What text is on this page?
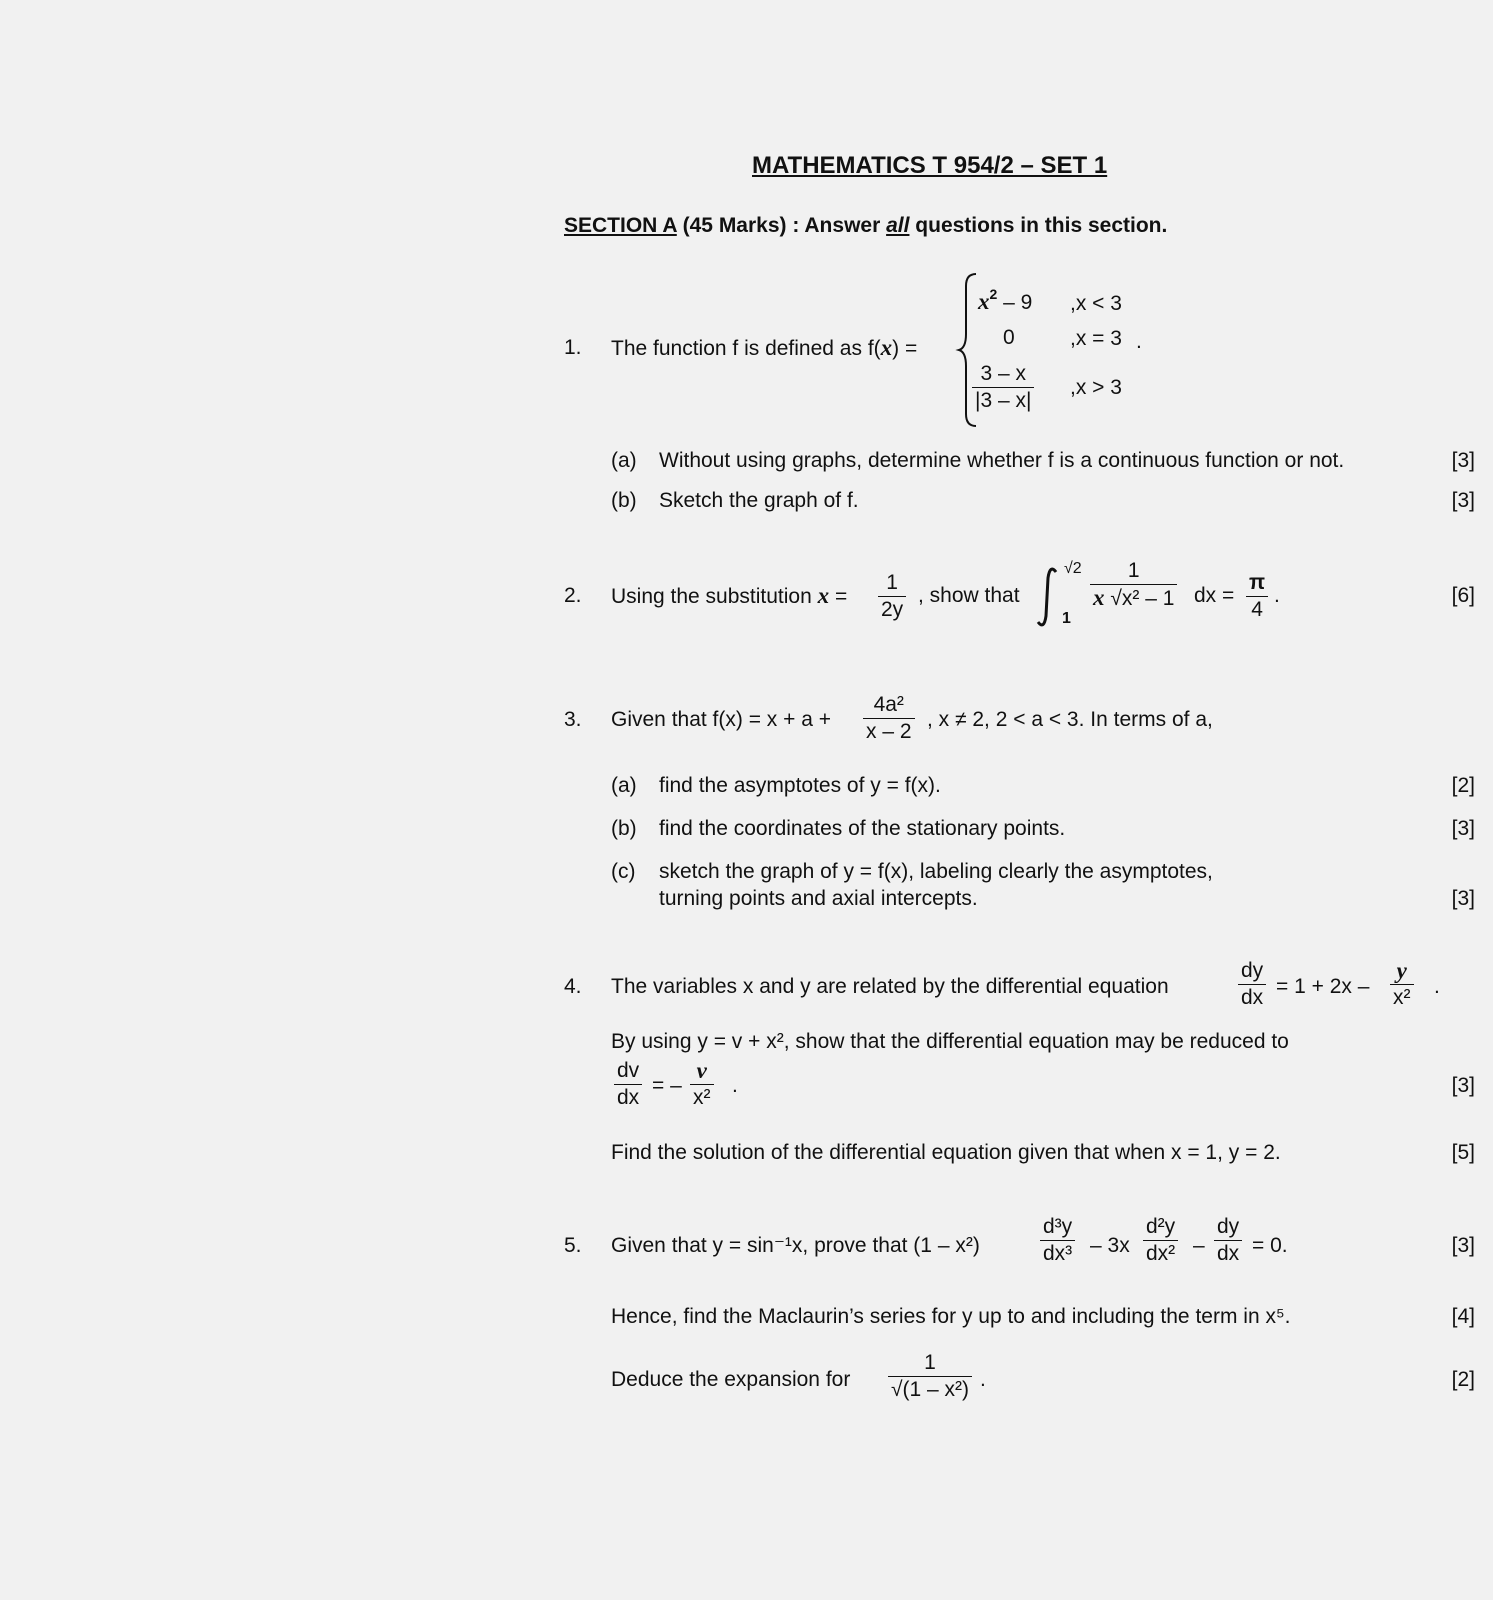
MATHEMATICS T 954/2 – SET 1
SECTION A (45 Marks) : Answer all questions in this section.
1. The function f is defined as f(x) =
$x^2 - 9$ ,x < 3
0	,x = 3 .
$\frac{3 - x}{|3 - x|} ,x > 3$
(a) Without using graphs, determine whether f is a continuous function or not.	[3]
(b) Sketch the graph of f.	[3]
2. Using the substitution $x = \frac{1}{2y}$ , show that
√2
1
$\frac{1}{\text{x √x² – 1}}$ dx = $\frac{\pi}{4}$ .	[6]
3. Given that $f(x) = x + a + \frac{\text{4a²}}{x - 2}$ , x ≠ 2, 2 < a < 3. In terms of a,
(a) find the asymptotes of y = f(x).	[2]
(b) find the coordinates of the stationary points.	[3]
(c) sketch the graph of y = f(x), labeling clearly the asymptotes,
turning points and axial intercepts.	[3]
4. The variables x and y are related by the differential equation	$\frac{dy}{dx} = 1 + 2x - \frac{y}{\text{x²}}$ .
By using y = v + x², show that the differential equation may be reduced to
$\frac{dv}{dx}$ = – $\frac{v}{\text{x²}}$ .	[3]
Find the solution of the differential equation given that when x = 1, y = 2.	[5]
5. Given that y = sin⁻¹x, prove that (1 – x²)	$\frac{\text{d³y}}{\text{dx³}} - 3x \frac{\text{d²y}}{\text{dx²}} - \frac{dy}{dx} = 0$.	[3]
Hence, find the Maclaurin’s series for y up to and including the term in x⁵.	[4]
Deduce the expansion for $\frac{1}{\text{√(1 – x²)}}$ .	[2]
